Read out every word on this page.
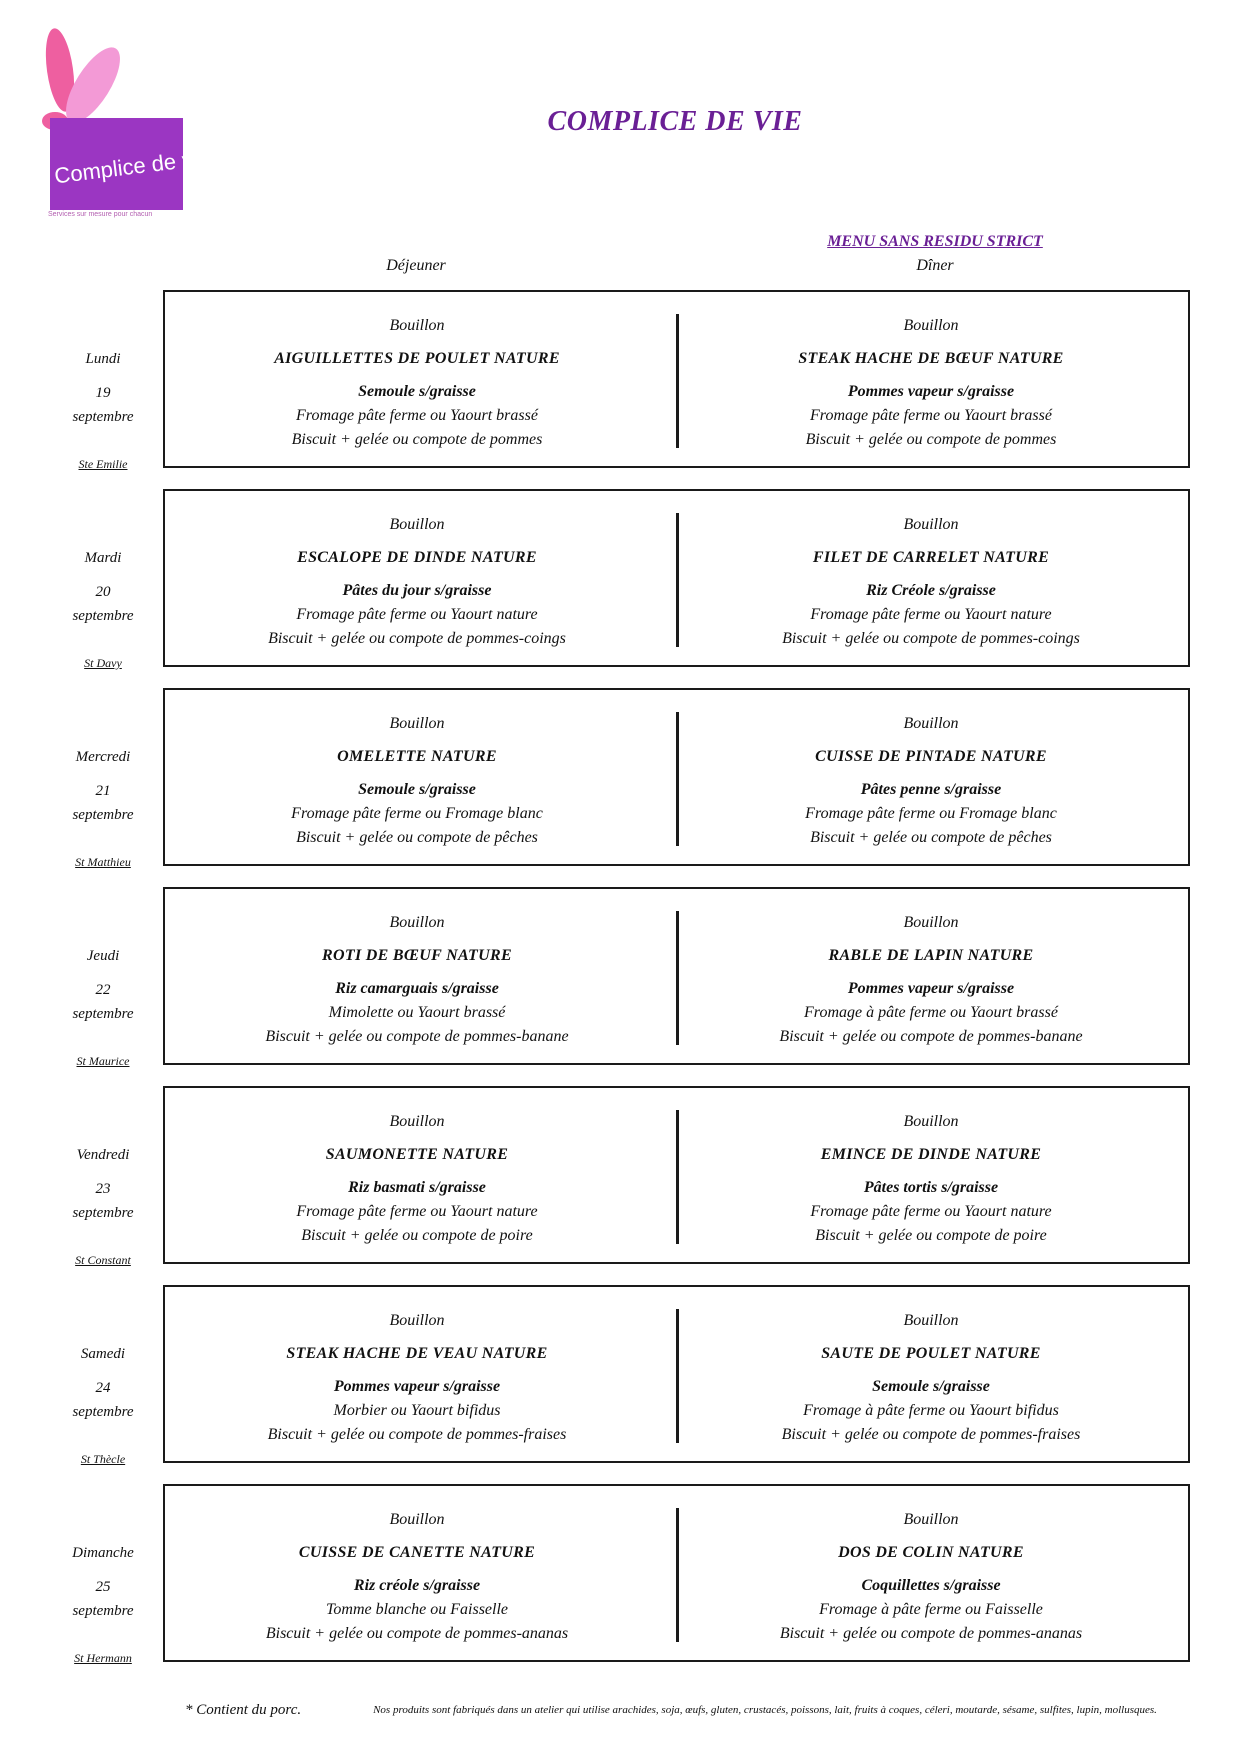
Complice de vie
Services sur mesure pour chacun
COMPLICE DE VIE
MENU SANS RESIDU STRICT
Déjeuner	Dîner
Lundi
19
septembre
Ste Emilie
Bouillon
AIGUILLETTES DE POULET NATURE
Semoule s/graisse
Fromage pâte ferme ou Yaourt brassé
Biscuit + gelée ou compote de pommes
Bouillon
STEAK HACHE DE BŒUF NATURE
Pommes vapeur s/graisse
Fromage pâte ferme ou Yaourt brassé
Biscuit + gelée ou compote de pommes
Mardi
20
septembre
St Davy
Bouillon
ESCALOPE DE DINDE NATURE
Pâtes du jour s/graisse
Fromage pâte ferme ou Yaourt nature
Biscuit + gelée ou compote de pommes-coings
Bouillon
FILET DE CARRELET NATURE
Riz Créole s/graisse
Fromage pâte ferme ou Yaourt nature
Biscuit + gelée ou compote de pommes-coings
Mercredi
21
septembre
St Matthieu
Bouillon
OMELETTE NATURE
Semoule s/graisse
Fromage pâte ferme ou Fromage blanc
Biscuit + gelée ou compote de pêches
Bouillon
CUISSE DE PINTADE NATURE
Pâtes penne s/graisse
Fromage pâte ferme ou Fromage blanc
Biscuit + gelée ou compote de pêches
Jeudi
22
septembre
St Maurice
Bouillon
ROTI DE BŒUF NATURE
Riz camarguais s/graisse
Mimolette ou Yaourt brassé
Biscuit + gelée ou compote de pommes-banane
Bouillon
RABLE DE LAPIN NATURE
Pommes vapeur s/graisse
Fromage à pâte ferme ou Yaourt brassé
Biscuit + gelée ou compote de pommes-banane
Vendredi
23
septembre
St Constant
Bouillon
SAUMONETTE NATURE
Riz basmati s/graisse
Fromage pâte ferme ou Yaourt nature
Biscuit + gelée ou compote de poire
Bouillon
EMINCE DE DINDE NATURE
Pâtes tortis s/graisse
Fromage pâte ferme ou Yaourt nature
Biscuit + gelée ou compote de poire
Samedi
24
septembre
St Thècle
Bouillon
STEAK HACHE DE VEAU NATURE
Pommes vapeur s/graisse
Morbier ou Yaourt bifidus
Biscuit + gelée ou compote de pommes-fraises
Bouillon
SAUTE DE POULET NATURE
Semoule s/graisse
Fromage à pâte ferme ou Yaourt bifidus
Biscuit + gelée ou compote de pommes-fraises
Dimanche
25
septembre
St Hermann
Bouillon
CUISSE DE CANETTE NATURE
Riz créole s/graisse
Tomme blanche ou Faisselle
Biscuit + gelée ou compote de pommes-ananas
Bouillon
DOS DE COLIN NATURE
Coquillettes s/graisse
Fromage à pâte ferme ou Faisselle
Biscuit + gelée ou compote de pommes-ananas
* Contient du porc.	Nos produits sont fabriqués dans un atelier qui utilise arachides, soja, œufs, gluten, crustacés, poissons, lait, fruits à coques, céleri, moutarde, sésame, sulfites, lupin, mollusques.
